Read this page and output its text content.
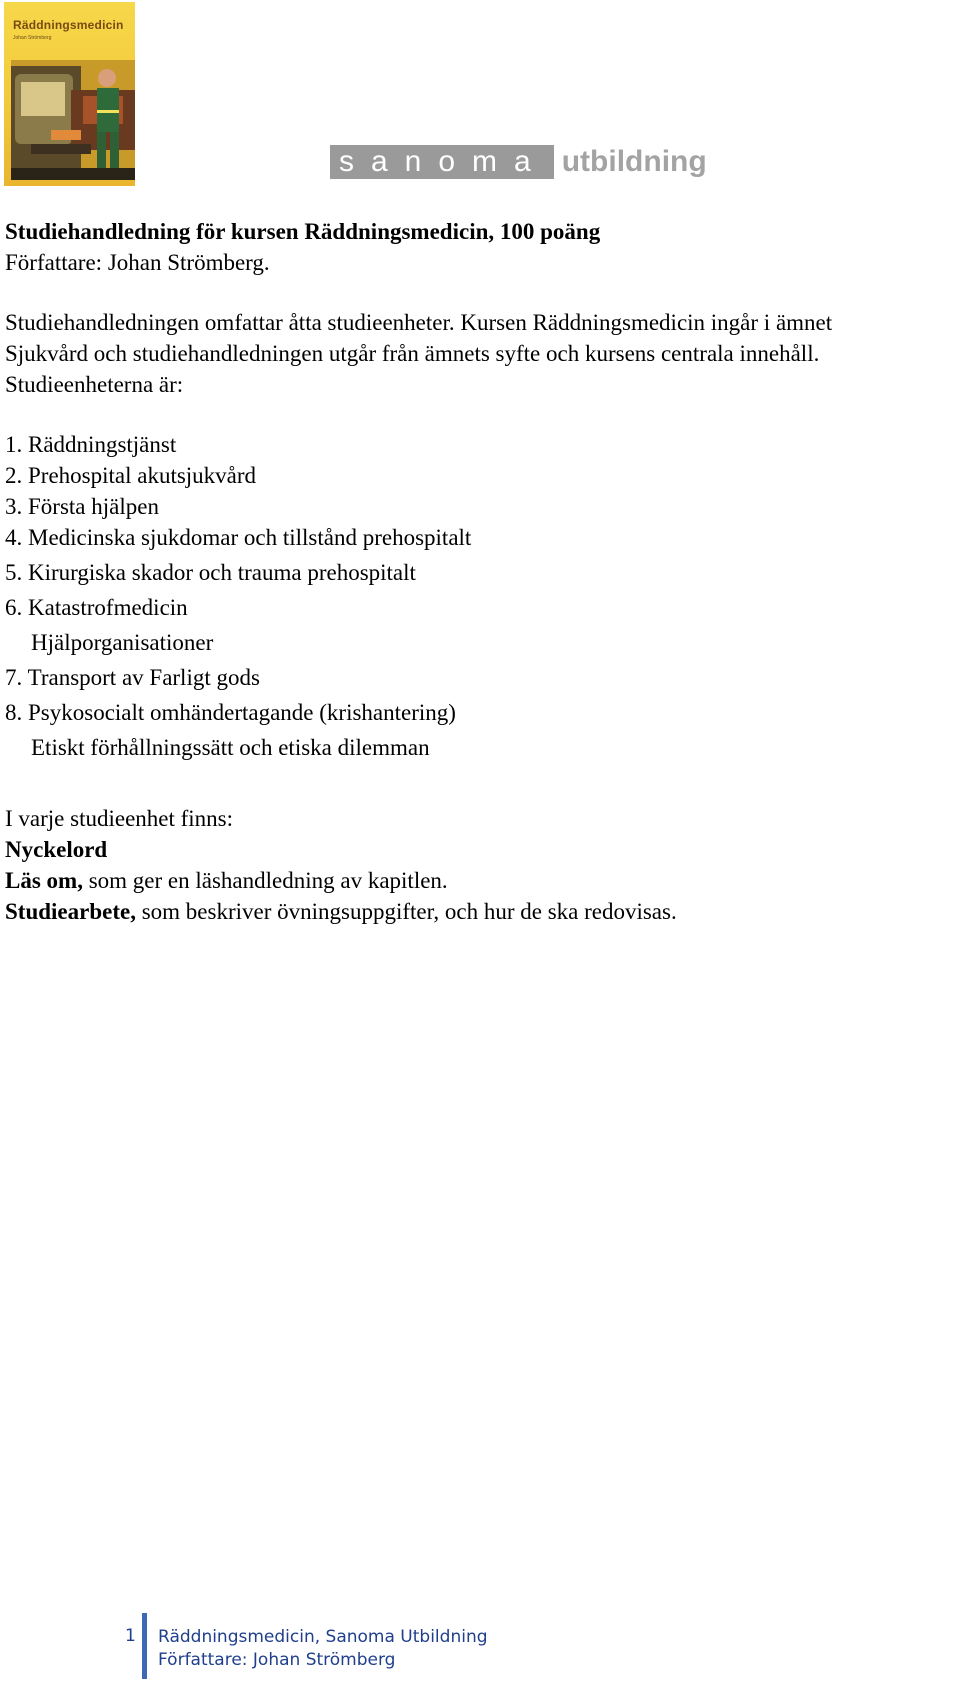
Räddningsmedicin
Johan Strömberg
sanoma utbildning
Studiehandledning för kursen Räddningsmedicin, 100 poäng
Författare: Johan Strömberg.
Studiehandledningen omfattar åtta studieenheter. Kursen Räddningsmedicin ingår i ämnet
Sjukvård och studiehandledningen utgår från ämnets syfte och kursens centrala innehåll.
Studieenheterna är:
1. Räddningstjänst
2. Prehospital akutsjukvård
3. Första hjälpen
4. Medicinska sjukdomar och tillstånd prehospitalt
5. Kirurgiska skador och trauma prehospitalt
6. Katastrofmedicin
Hjälporganisationer
7. Transport av Farligt gods
8. Psykosocialt omhändertagande (krishantering)
Etiskt förhållningssätt och etiska dilemman
I varje studieenhet finns:
Nyckelord
Läs om, som ger en läshandledning av kapitlen.
Studiearbete, som beskriver övningsuppgifter, och hur de ska redovisas.
1	Räddningsmedicin, Sanoma Utbildning
Författare: Johan Strömberg
